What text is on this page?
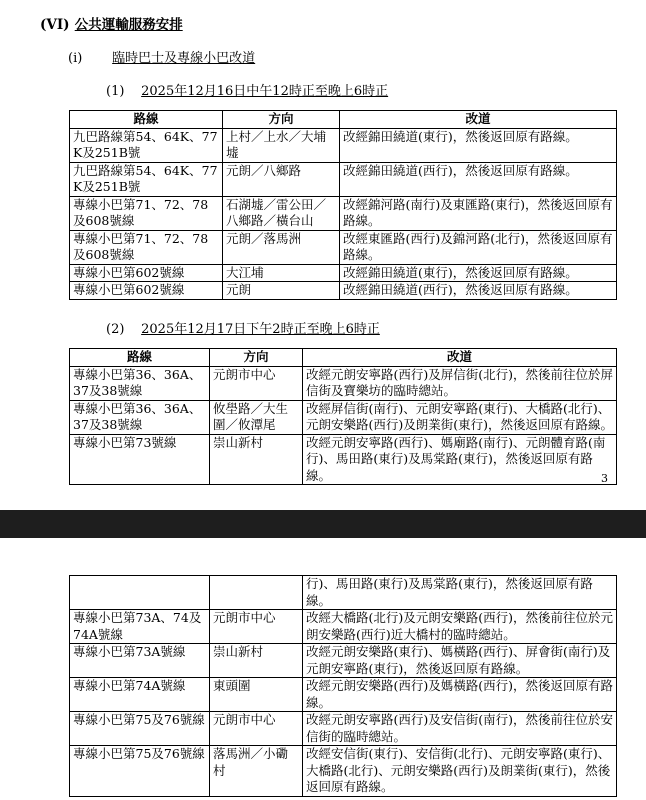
(VI) 公共運輸服務安排
(i) 臨時巴士及專線小巴改道
(1) 2025年12月16日中午12時正至晚上6時正
路線	方向	改道
九巴路線第54、64K、77K及251B號	上村／上水／大埔墟	改經錦田繞道(東行)，然後返回原有路線。
九巴路線第54、64K、77K及251B號	元朗／八鄉路	改經錦田繞道(西行)，然後返回原有路線。
專線小巴第71、72、78及608號線	石湖墟／雷公田／八鄉路／橫台山	改經錦河路(南行)及東匯路(東行)，然後返回原有路線。
專線小巴第71、72、78及608號線	元朗／落馬洲	改經東匯路(西行)及錦河路(北行)，然後返回原有路線。
專線小巴第602號線	大江埔	改經錦田繞道(東行)，然後返回原有路線。
專線小巴第602號線	元朗	改經錦田繞道(西行)，然後返回原有路線。
(2) 2025年12月17日下午2時正至晚上6時正
路線	方向	改道
專線小巴第36、36A、37及38號線	元朗市中心	改經元朗安寧路(西行)及屏信街(北行)，然後前往位於屏信街及寶樂坊的臨時總站。
專線小巴第36、36A、37及38號線	攸壆路／大生圍／攸潭尾	改經屏信街(南行)、元朗安寧路(東行)、大橋路(北行)、元朗安樂路(西行)及朗業街(東行)，然後返回原有路線。
專線小巴第73號線	崇山新村	改經元朗安寧路(西行)、媽廟路(南行)、元朗體育路(南行)、馬田路(東行)及馬棠路(東行)，然後返回原有路線。	3
		行)、馬田路(東行)及馬棠路(東行)，然後返回原有路線。
專線小巴第73A、74及74A號線	元朗市中心	改經大橋路(北行)及元朗安樂路(西行)，然後前往位於元朗安樂路(西行)近大橋村的臨時總站。
專線小巴第73A號線	崇山新村	改經元朗安樂路(東行)、媽橫路(西行)、屏會街(南行)及元朗安寧路(東行)，然後返回原有路線。
專線小巴第74A號線	東頭圍	改經元朗安樂路(西行)及媽橫路(西行)，然後返回原有路線。
專線小巴第75及76號線	元朗市中心	改經元朗安寧路(西行)及安信街(南行)，然後前往位於安信街的臨時總站。
專線小巴第75及76號線	落馬洲／小磡村	改經安信街(東行)、安信街(北行)、元朗安寧路(東行)、大橋路(北行)、元朗安樂路(西行)及朗業街(東行)，然後返回原有路線。
